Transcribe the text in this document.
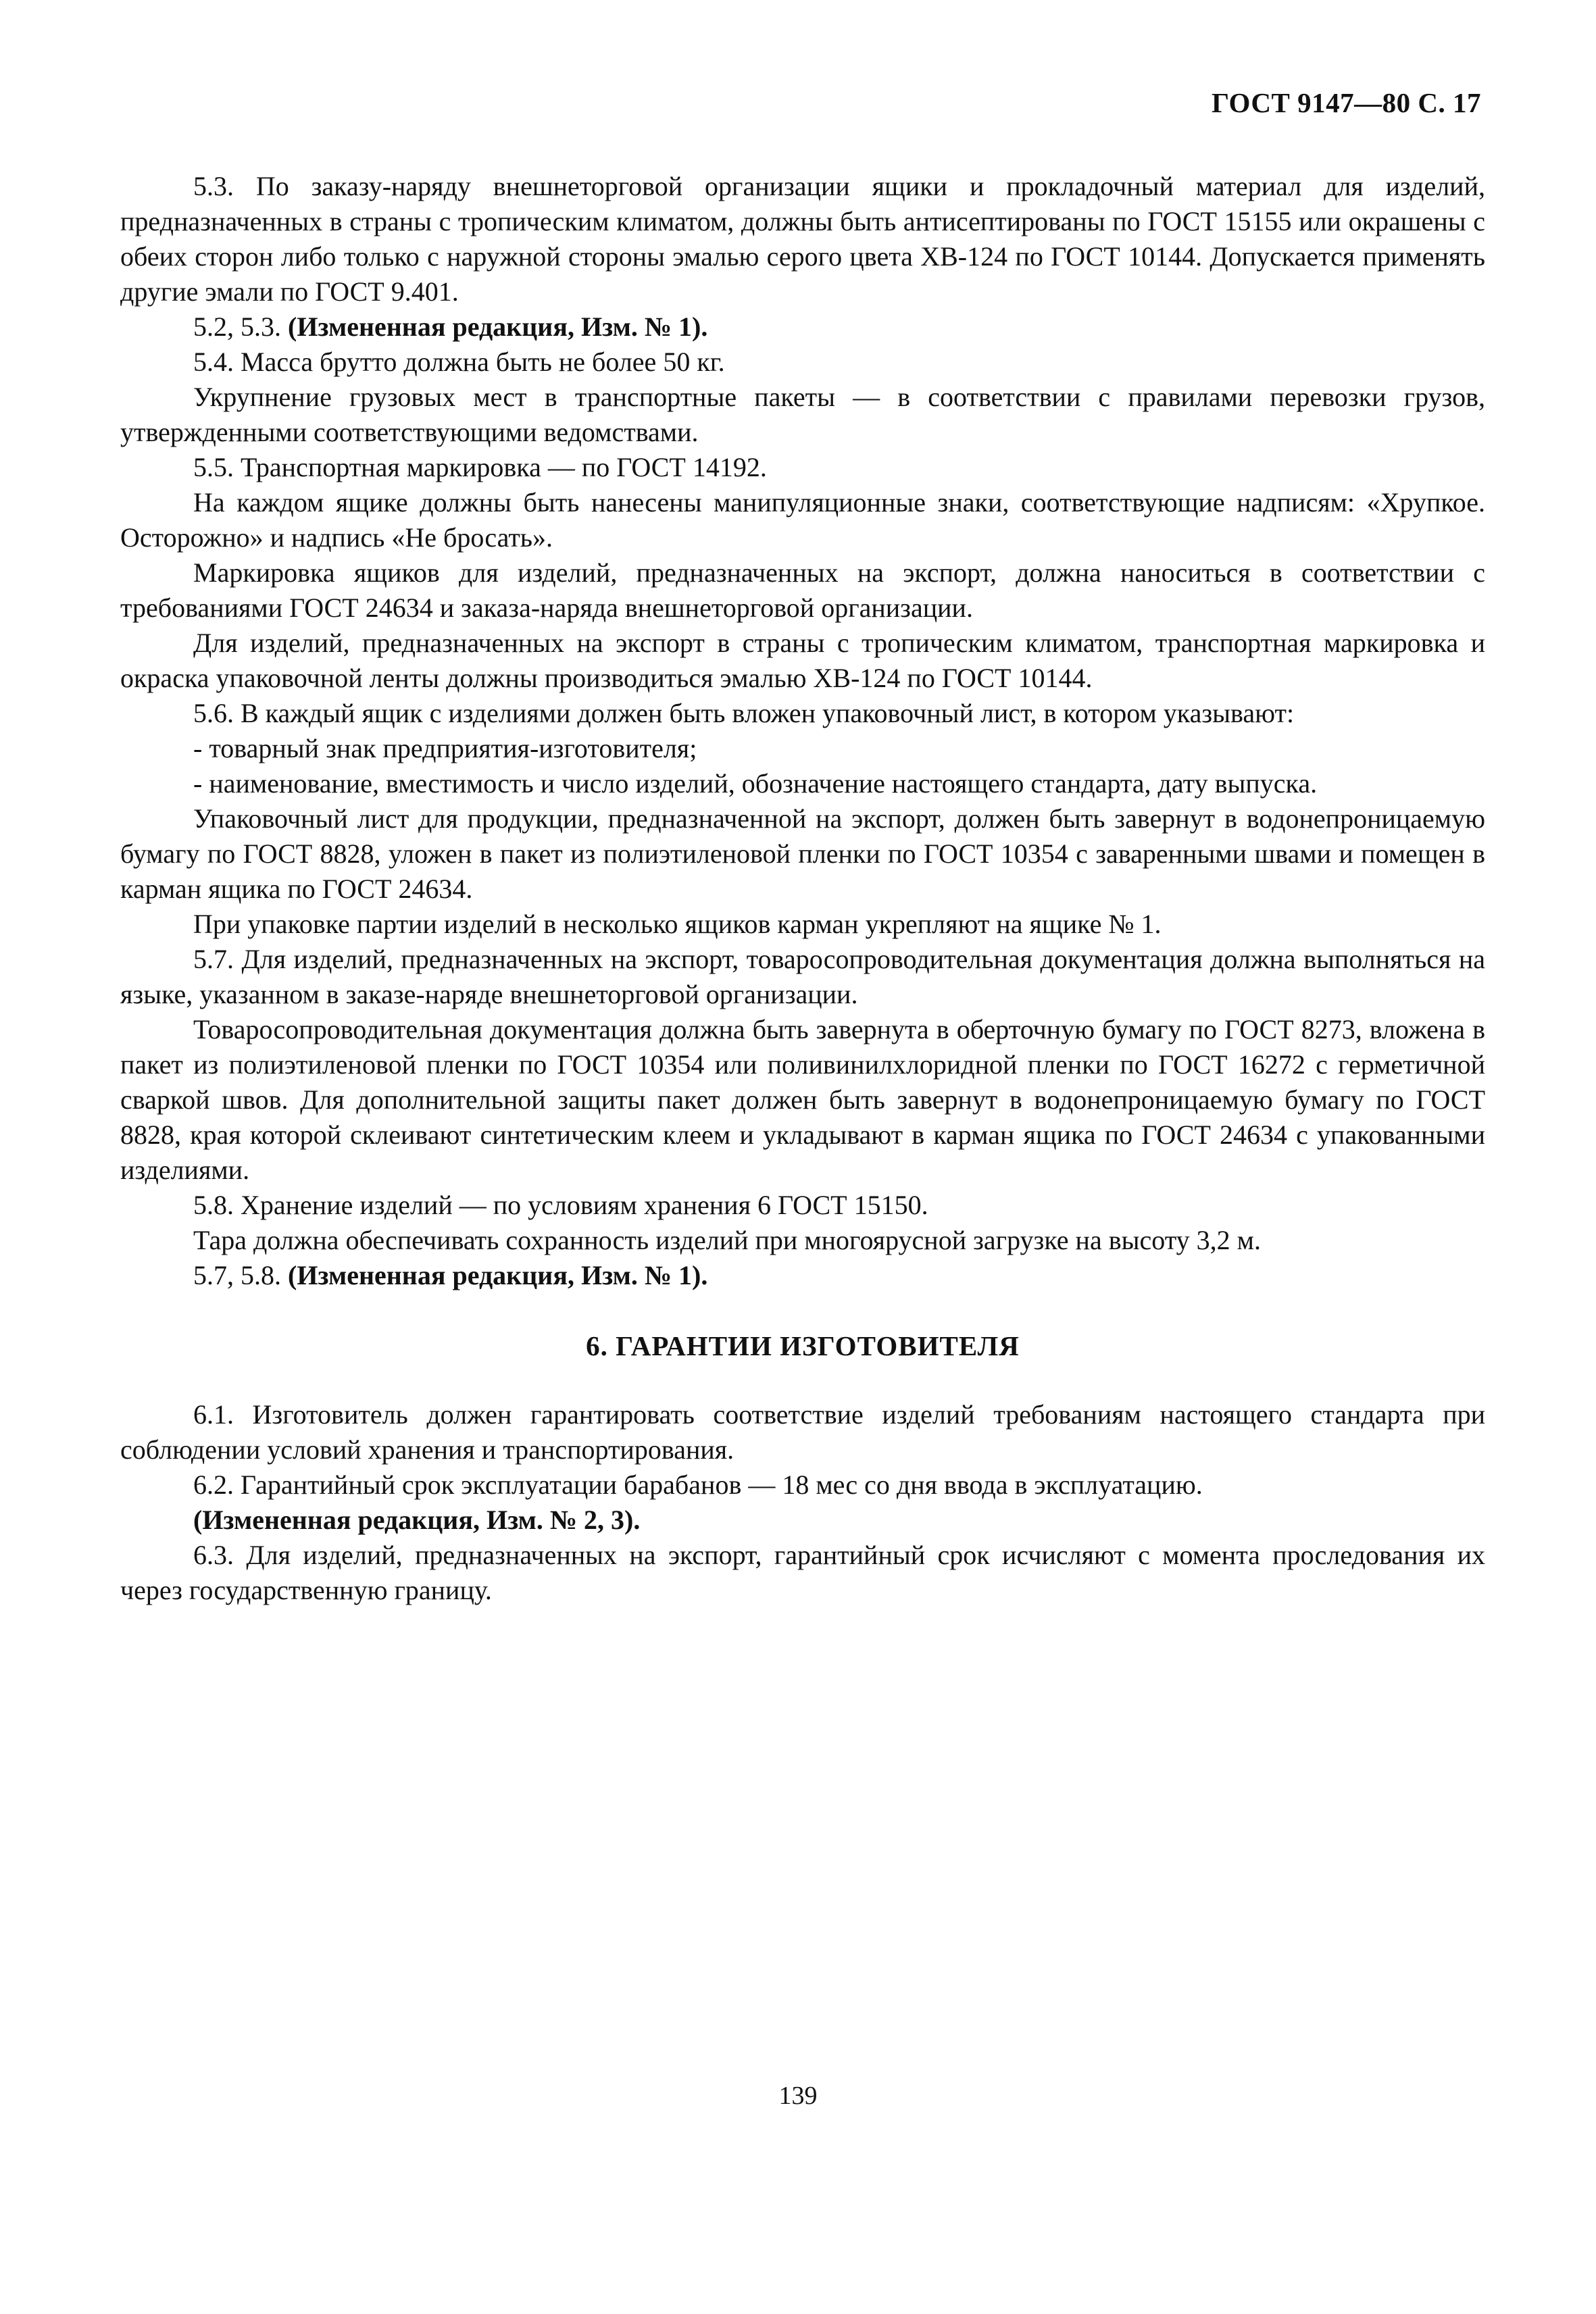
ГОСТ 9147—80 С. 17

5.3. По заказу-наряду внешнеторговой организации ящики и прокладочный материал для изделий, предназначенных в страны с тропическим климатом, должны быть антисептированы по ГОСТ 15155 или окрашены с обеих сторон либо только с наружной стороны эмалью серого цвета ХВ-124 по ГОСТ 10144. Допускается применять другие эмали по ГОСТ 9.401.

5.2, 5.3. (Измененная редакция, Изм. № 1).

5.4. Масса брутто должна быть не более 50 кг.

Укрупнение грузовых мест в транспортные пакеты — в соответствии с правилами перевозки грузов, утвержденными соответствующими ведомствами.

5.5. Транспортная маркировка — по ГОСТ 14192.

На каждом ящике должны быть нанесены манипуляционные знаки, соответствующие надписям: «Хрупкое. Осторожно» и надпись «Не бросать».

Маркировка ящиков для изделий, предназначенных на экспорт, должна наноситься в соответствии с требованиями ГОСТ 24634 и заказа-наряда внешнеторговой организации.

Для изделий, предназначенных на экспорт в страны с тропическим климатом, транспортная маркировка и окраска упаковочной ленты должны производиться эмалью ХВ-124 по ГОСТ 10144.

5.6. В каждый ящик с изделиями должен быть вложен упаковочный лист, в котором указывают:

- товарный знак предприятия-изготовителя;

- наименование, вместимость и число изделий, обозначение настоящего стандарта, дату выпуска.

Упаковочный лист для продукции, предназначенной на экспорт, должен быть завернут в водонепроницаемую бумагу по ГОСТ 8828, уложен в пакет из полиэтиленовой пленки по ГОСТ 10354 с заваренными швами и помещен в карман ящика по ГОСТ 24634.

При упаковке партии изделий в несколько ящиков карман укрепляют на ящике № 1.

5.7. Для изделий, предназначенных на экспорт, товаросопроводительная документация должна выполняться на языке, указанном в заказе-наряде внешнеторговой организации.

Товаросопроводительная документация должна быть завернута в оберточную бумагу по ГОСТ 8273, вложена в пакет из полиэтиленовой пленки по ГОСТ 10354 или поливинилхлоридной пленки по ГОСТ 16272 с герметичной сваркой швов. Для дополнительной защиты пакет должен быть завернут в водонепроницаемую бумагу по ГОСТ 8828, края которой склеивают синтетическим клеем и укладывают в карман ящика по ГОСТ 24634 с упакованными изделиями.

5.8. Хранение изделий — по условиям хранения 6 ГОСТ 15150.

Тара должна обеспечивать сохранность изделий при многоярусной загрузке на высоту 3,2 м.

5.7, 5.8. (Измененная редакция, Изм. № 1).

6. ГАРАНТИИ ИЗГОТОВИТЕЛЯ

6.1. Изготовитель должен гарантировать соответствие изделий требованиям настоящего стандарта при соблюдении условий хранения и транспортирования.

6.2. Гарантийный срок эксплуатации барабанов — 18 мес со дня ввода в эксплуатацию.

(Измененная редакция, Изм. № 2, 3).

6.3. Для изделий, предназначенных на экспорт, гарантийный срок исчисляют с момента проследования их через государственную границу.

139
